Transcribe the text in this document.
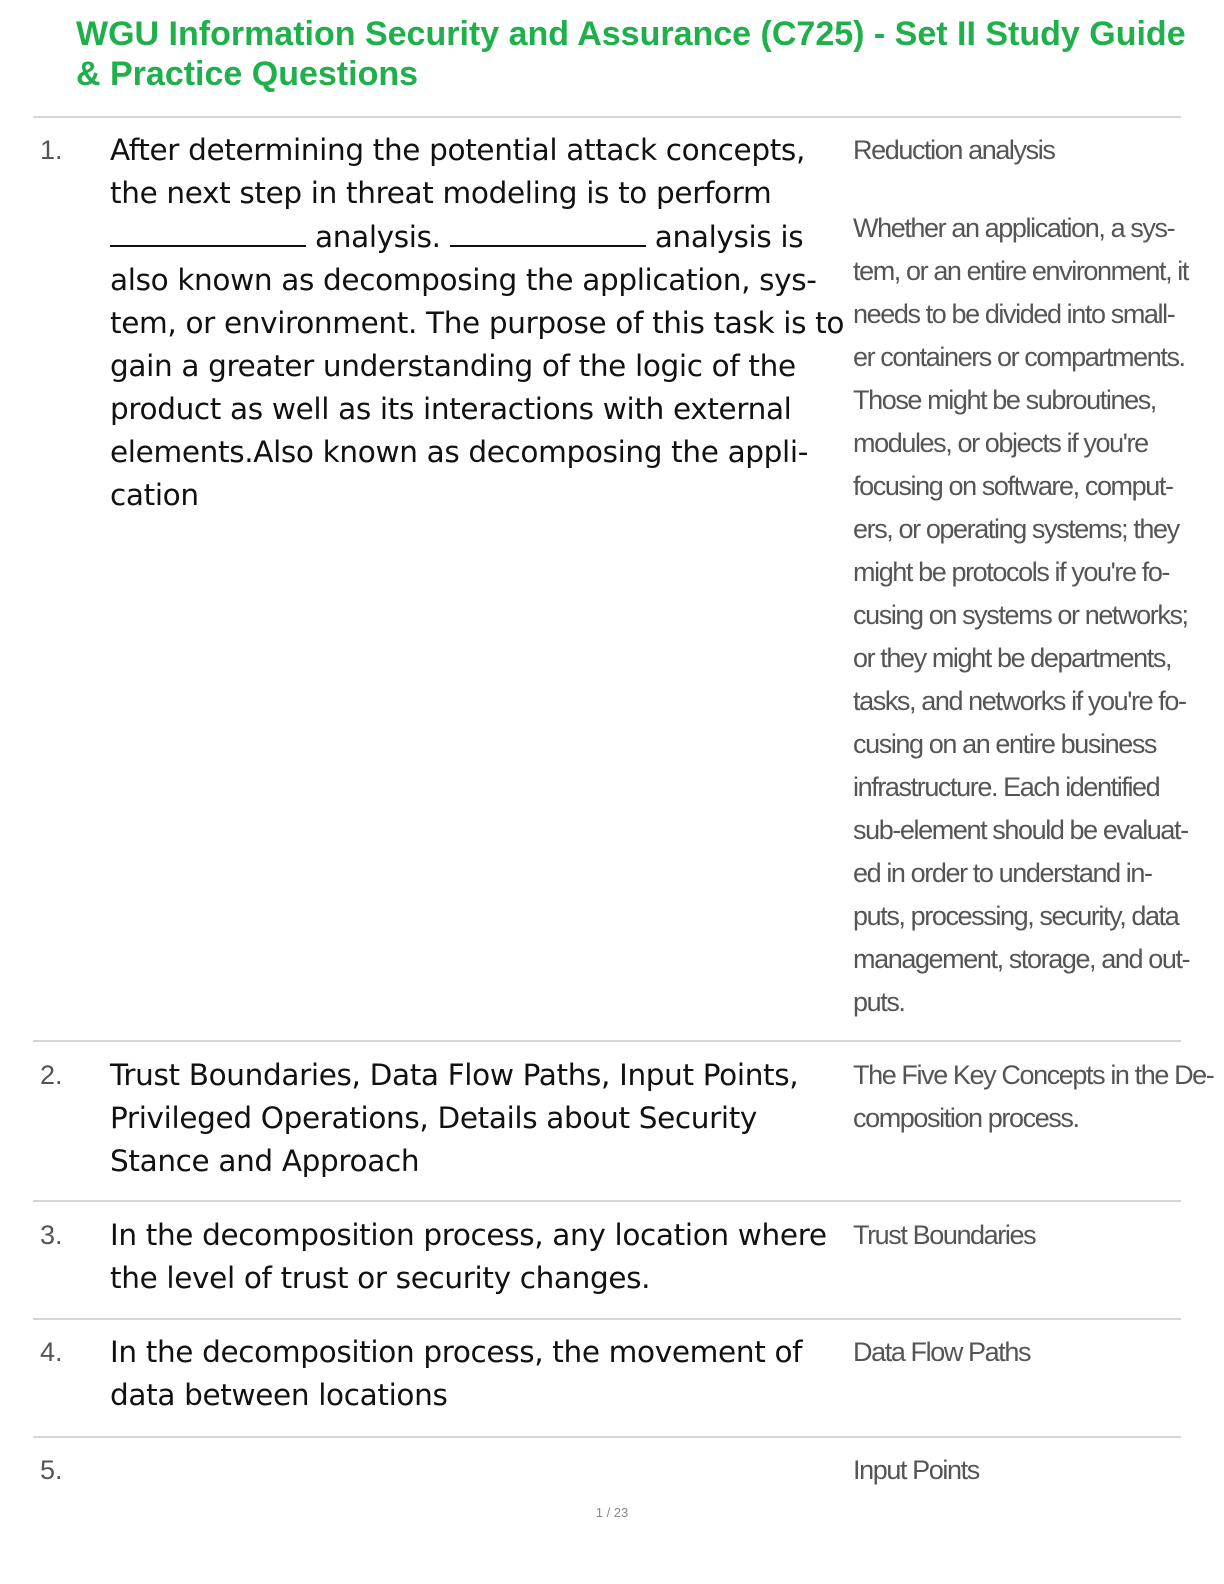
WGU Information Security and Assurance (C725) - Set II Study Guide & Practice Questions
1. After determining the potential attack concepts, the next step in threat modeling is to perform
analysis.	analysis is also known as decomposing the application, sys-tem, or environment. The purpose of this task is to gain a greater understanding of the logic of the product as well as its interactions with external elements.Also known as decomposing the appli-cation

Reduction analysis
Whether an application, a sys-
tem, or an entire environment, it
needs to be divided into small-
er containers or compartments.
Those might be subroutines,
modules, or objects if you're
focusing on software, comput-
ers, or operating systems; they
might be protocols if you're fo-
cusing on systems or networks;
or they might be departments,
tasks, and networks if you're fo-
cusing on an entire business
infrastructure. Each identified
sub-element should be evaluat-
ed in order to understand in-
puts, processing, security, data
management, storage, and out-
puts.
2. Trust Boundaries, Data Flow Paths, Input Points, Privileged Operations, Details about Security Stance and Approach

The Five Key Concepts in the De-
composition process.
3. In the decomposition process, any location where the level of trust or security changes.

Trust Boundaries
4. In the decomposition process, the movement of data between locations

Data Flow Paths
5.	Input Points
1 / 23
